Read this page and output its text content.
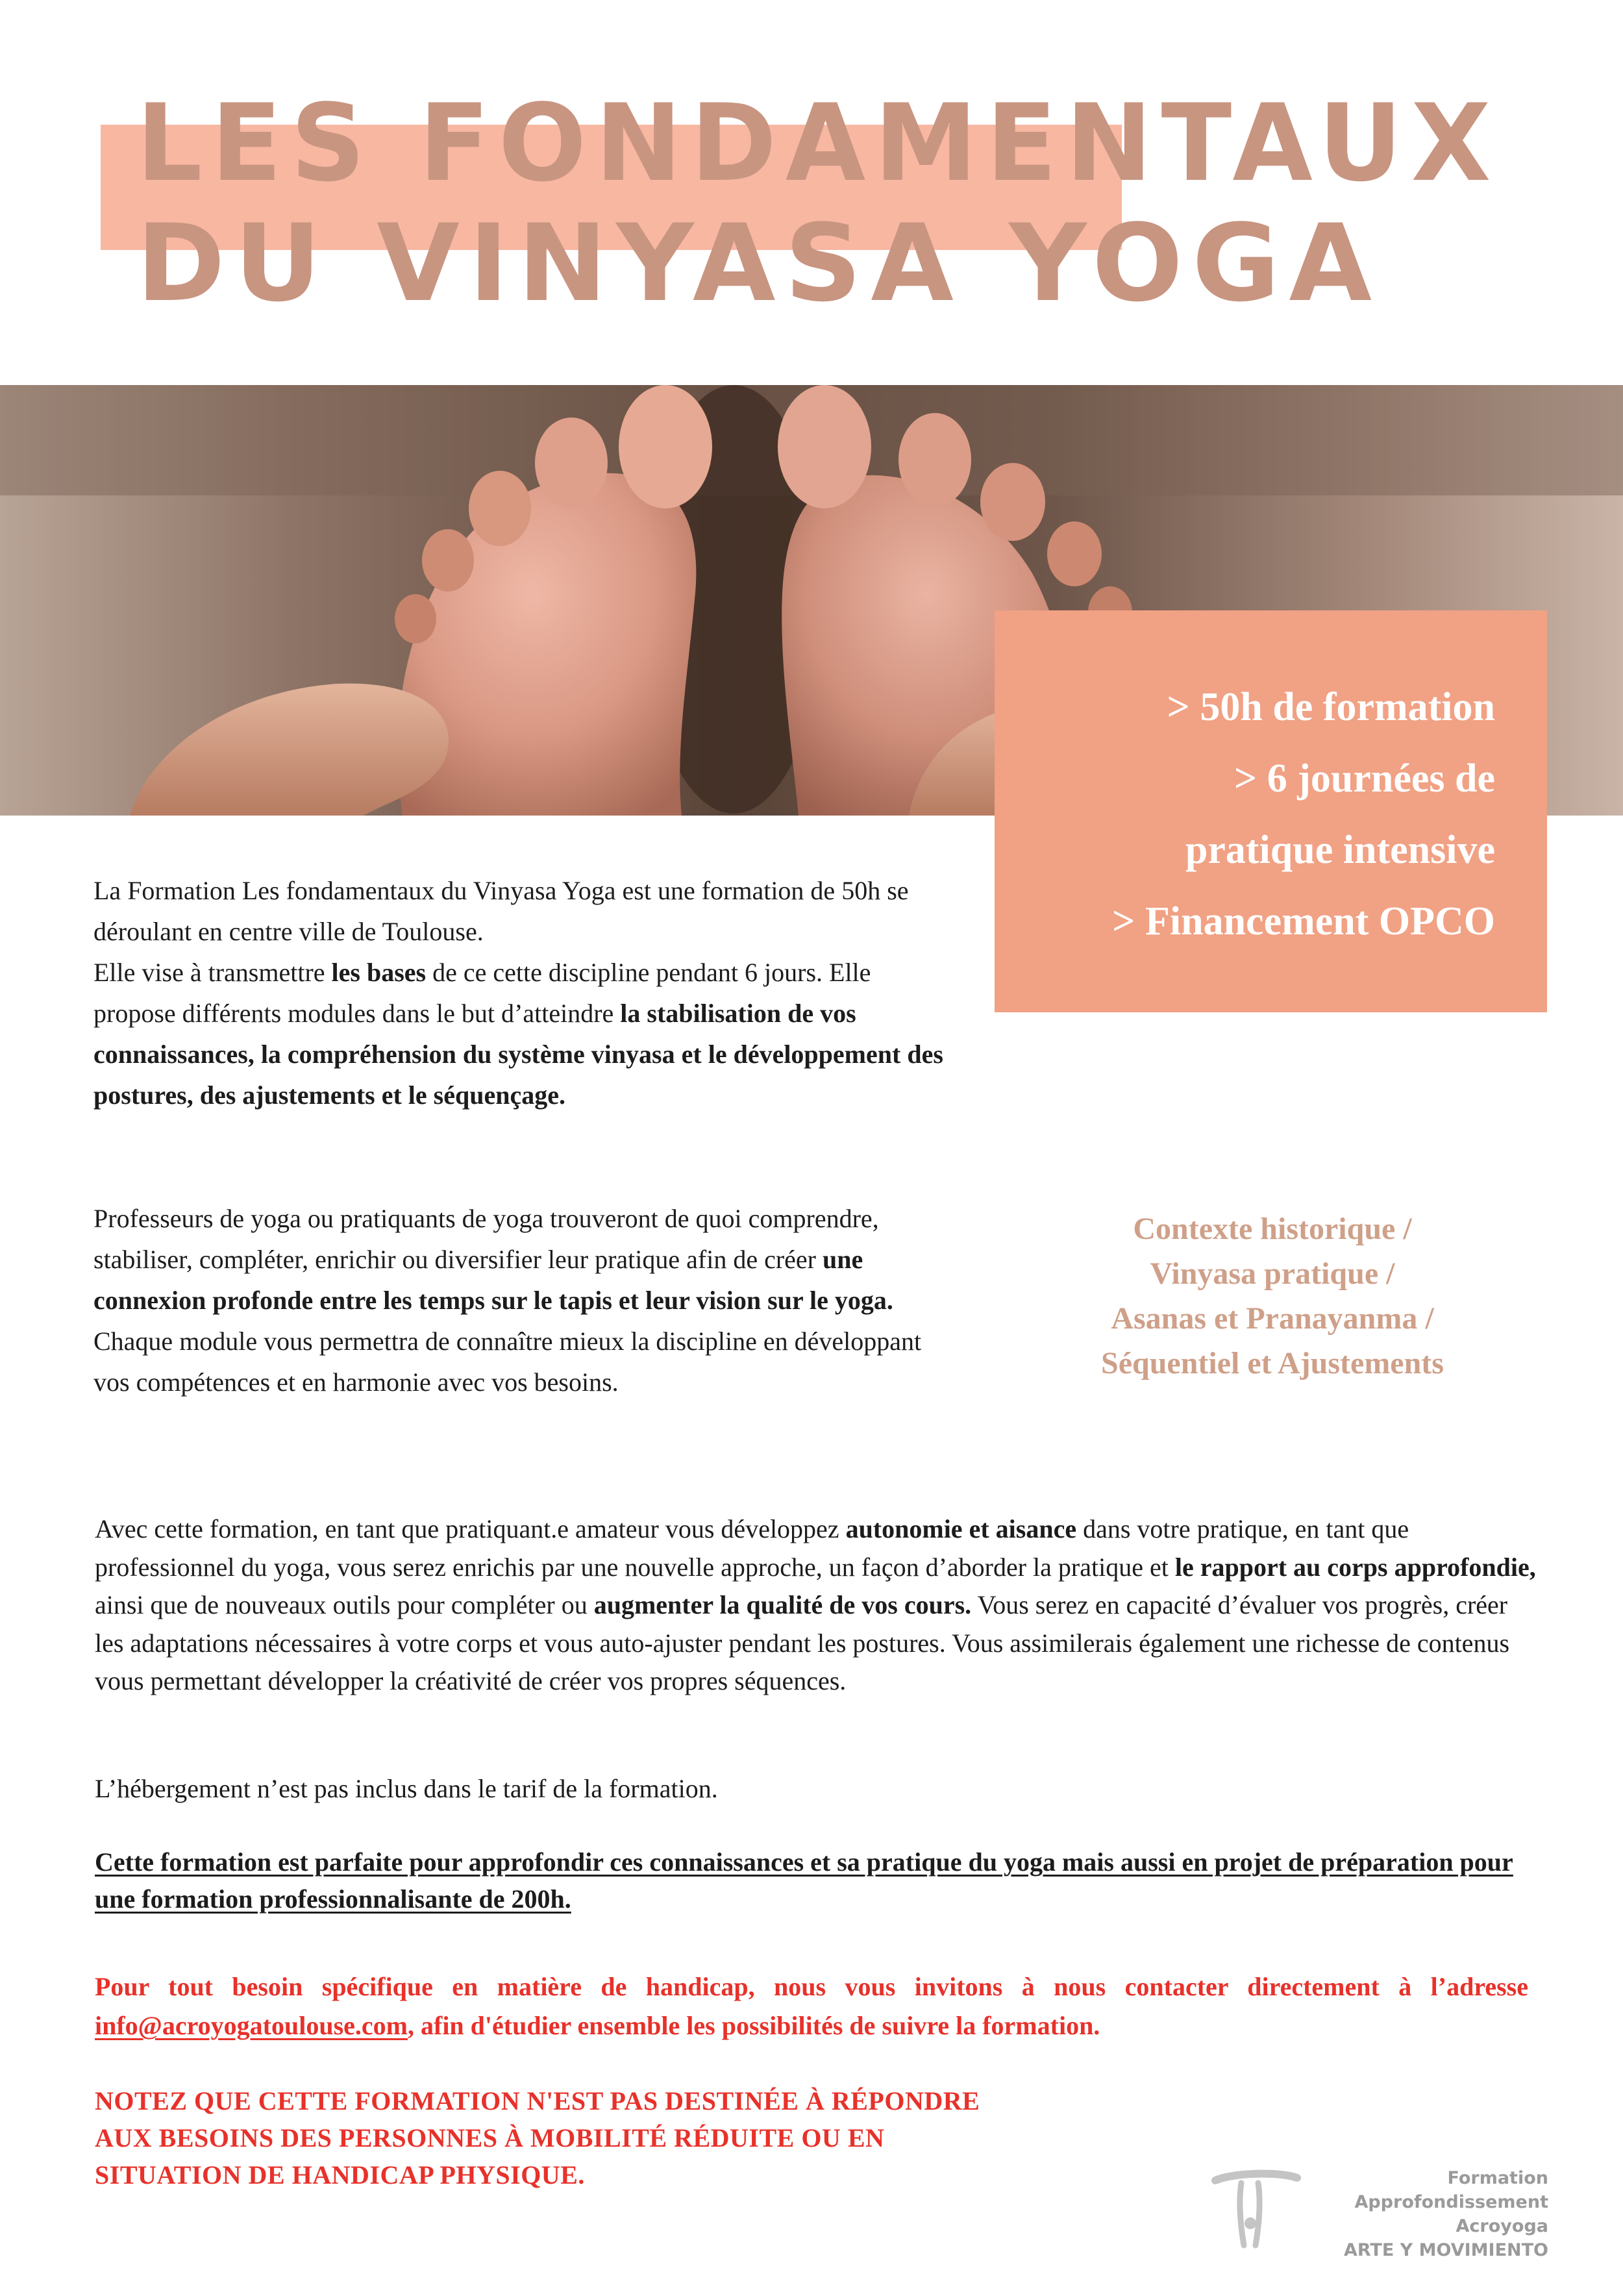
LES FONDAMENTAUX
DU VINYASA YOGA
> 50h de formation
> 6 journées de
pratique intensive
> Financement OPCO
La Formation Les fondamentaux du Vinyasa Yoga est une formation de 50h se déroulant en centre ville de Toulouse.
Elle vise à transmettre les bases de ce cette discipline pendant 6 jours. Elle propose différents modules dans le but d’atteindre la stabilisation de vos connaissances, la compréhension du système vinyasa et le développement des postures, des ajustements et le séquençage.
Professeurs de yoga ou pratiquants de yoga trouveront de quoi comprendre, stabiliser, compléter, enrichir ou diversifier leur pratique afin de créer une connexion profonde entre les temps sur le tapis et leur vision sur le yoga. Chaque module vous permettra de connaître mieux la discipline en développant vos compétences et en harmonie avec vos besoins.
Contexte historique /
Vinyasa pratique /
Asanas et Pranayanma /
Séquentiel et Ajustements
Avec cette formation, en tant que pratiquant.e amateur vous développez autonomie et aisance dans votre pratique, en tant que professionnel du yoga, vous serez enrichis par une nouvelle approche, un façon d’aborder la pratique et le rapport au corps approfondie, ainsi que de nouveaux outils pour compléter ou augmenter la qualité de vos cours. Vous serez en capacité d’évaluer vos progrès, créer les adaptations nécessaires à votre corps et vous auto-ajuster pendant les postures. Vous assimilerais également une richesse de contenus vous permettant développer la créativité de créer vos propres séquences.
L’hébergement n’est pas inclus dans le tarif de la formation.
Cette formation est parfaite pour approfondir ces connaissances et sa pratique du yoga mais aussi en projet de préparation pour une formation professionnalisante de 200h.
Pour tout besoin spécifique en matière de handicap, nous vous invitons à nous contacter directement à l’adresse info@acroyogatoulouse.com, afin d'étudier ensemble les possibilités de suivre la formation.
NOTEZ QUE CETTE FORMATION N'EST PAS DESTINÉE À RÉPONDRE
AUX BESOINS DES PERSONNES À MOBILITÉ RÉDUITE OU EN
SITUATION DE HANDICAP PHYSIQUE.	Formation
Approfondissement
Acroyoga
ARTE Y MOVIMIENTO
